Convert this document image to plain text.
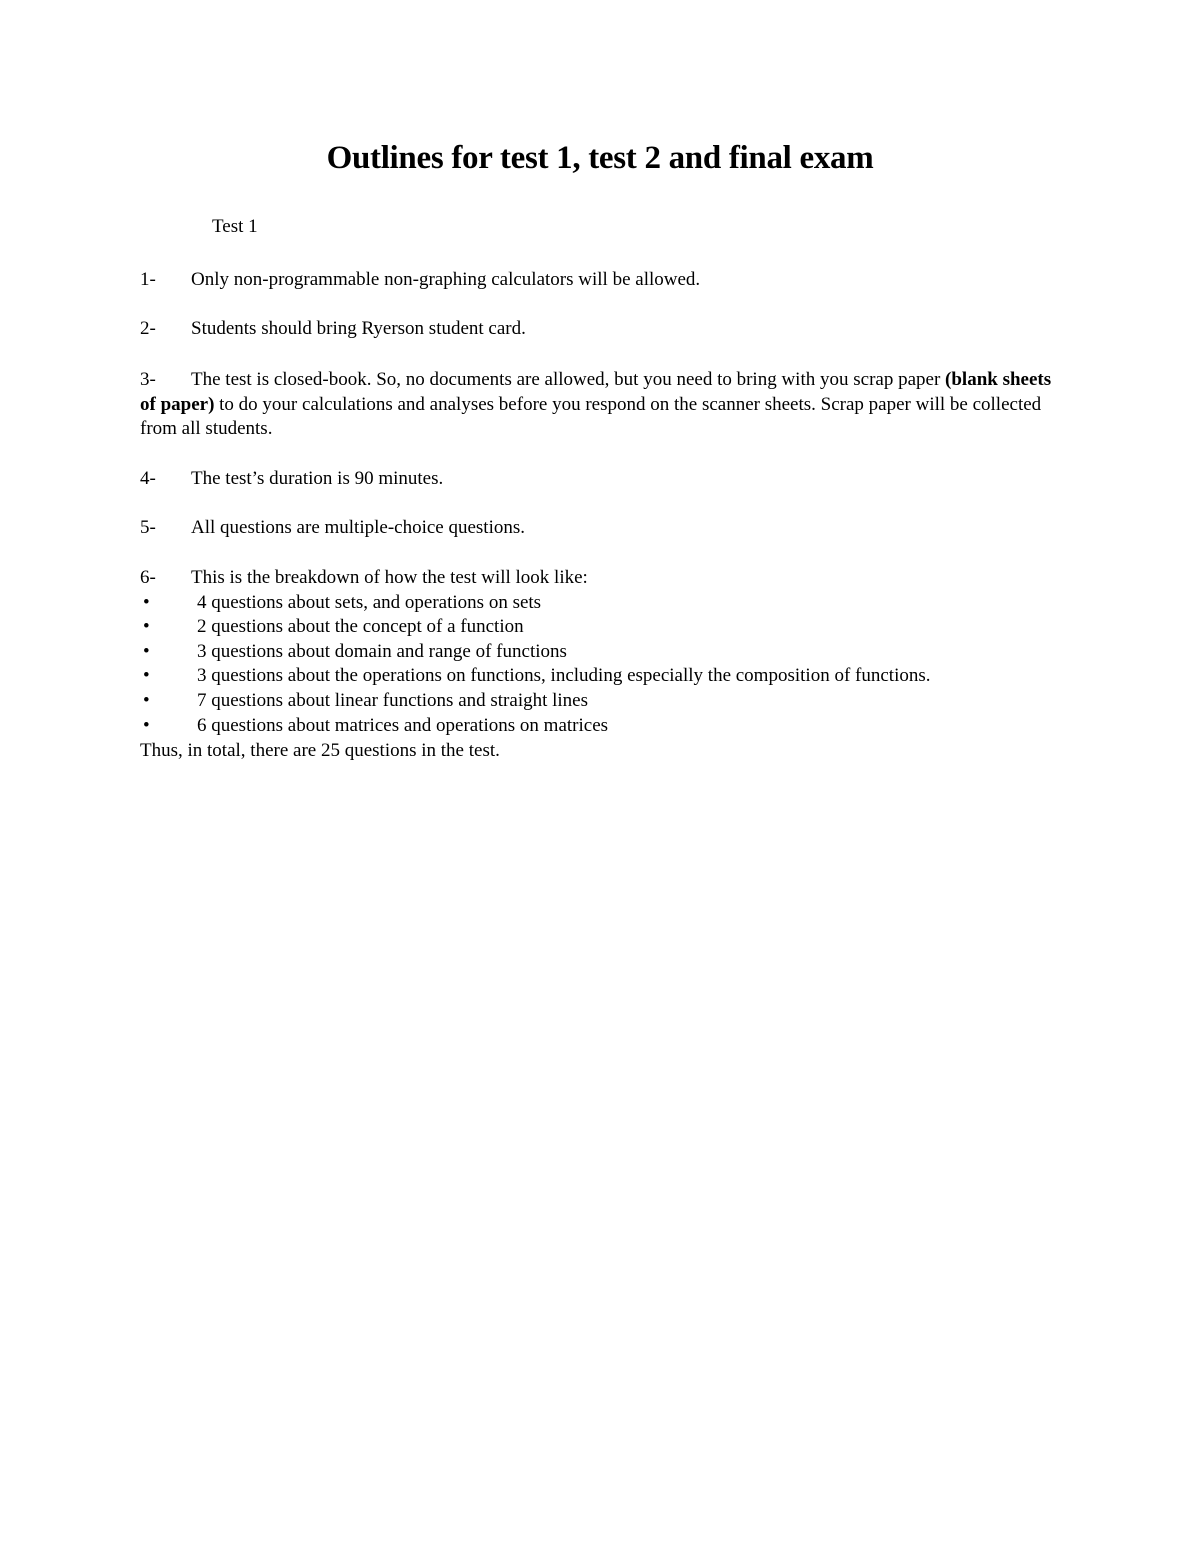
Outlines for test 1, test 2 and final exam
Test 1
1- Only non-programmable non-graphing calculators will be allowed.
2- Students should bring Ryerson student card.
3- The test is closed-book. So, no documents are allowed, but you need to bring with you scrap paper (blank sheets of paper) to do your calculations and analyses before you respond on the scanner sheets. Scrap paper will be collected from all students.
4- The test’s duration is 90 minutes.
5- All questions are multiple-choice questions.
6- This is the breakdown of how the test will look like:
• 4 questions about sets, and operations on sets
• 2 questions about the concept of a function
• 3 questions about domain and range of functions
• 3 questions about the operations on functions, including especially the composition of functions.
• 7 questions about linear functions and straight lines
• 6 questions about matrices and operations on matrices
Thus, in total, there are 25 questions in the test.
